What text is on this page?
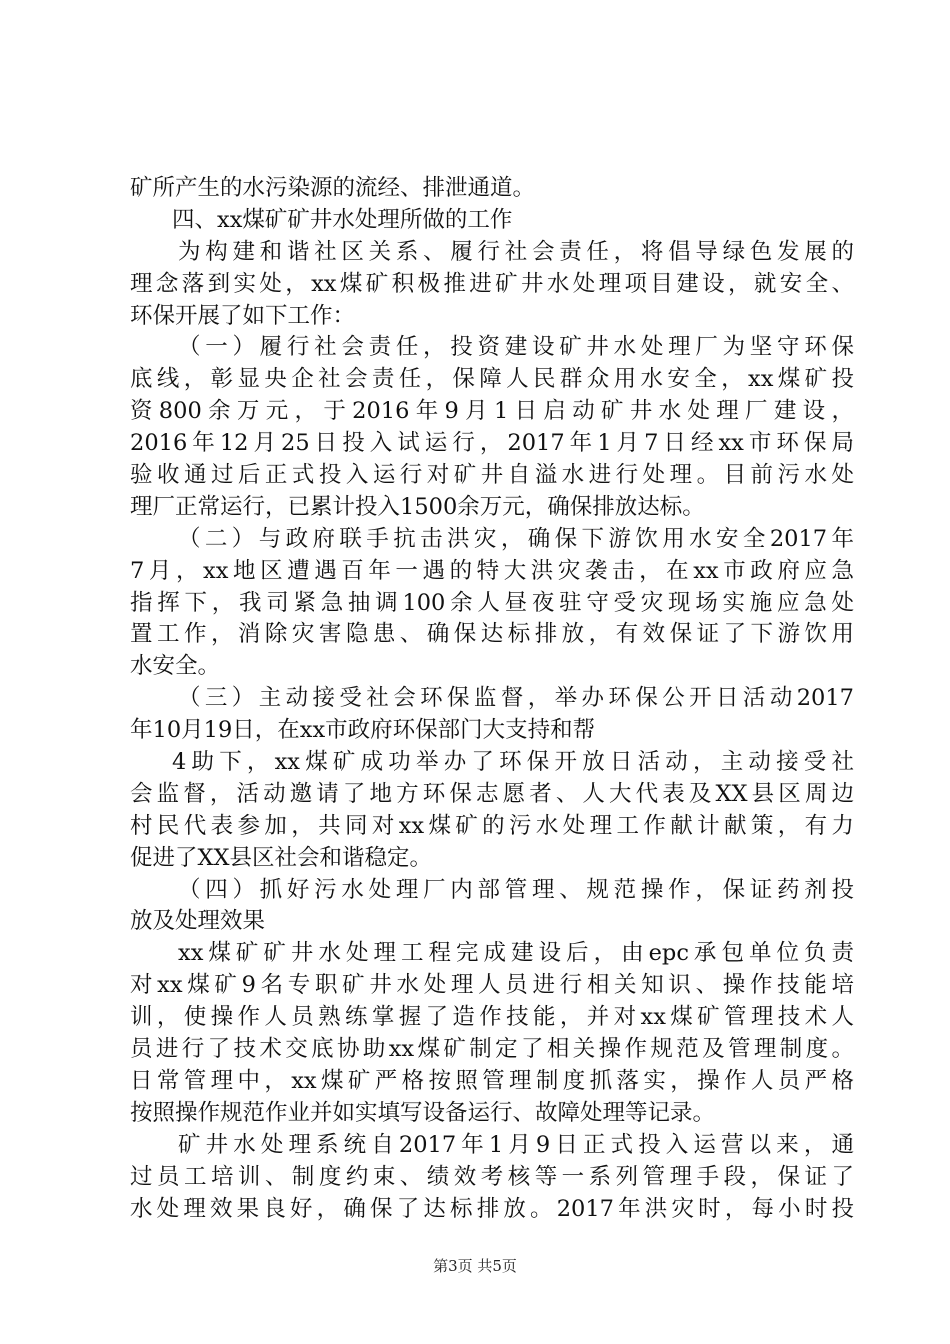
矿所产生的水污染源的流经、排泄通道。
四、xx煤矿矿井水处理所做的工作
为构建和谐社区关系、履行社会责任，将倡导绿色发展的
理念落到实处，xx煤矿积极推进矿井水处理项目建设，就安全、
环保开展了如下工作：
（一）履行社会责任，投资建设矿井水处理厂为坚守环保
底线，彰显央企社会责任，保障人民群众用水安全，xx煤矿投
资800余万元，于2016年9月1日启动矿井水处理厂建设，
2016年12月25日投入试运行，2017年1月7日经xx市环保局
验收通过后正式投入运行对矿井自溢水进行处理。目前污水处
理厂正常运行，已累计投入1500余万元，确保排放达标。
（二）与政府联手抗击洪灾，确保下游饮用水安全2017年
7月，xx地区遭遇百年一遇的特大洪灾袭击，在xx市政府应急
指挥下，我司紧急抽调100余人昼夜驻守受灾现场实施应急处
置工作，消除灾害隐患、确保达标排放，有效保证了下游饮用
水安全。
（三）主动接受社会环保监督，举办环保公开日活动2017
年10月19日，在xx市政府环保部门大支持和帮
4助下，xx煤矿成功举办了环保开放日活动，主动接受社
会监督，活动邀请了地方环保志愿者、人大代表及XX县区周边
村民代表参加，共同对xx煤矿的污水处理工作献计献策，有力
促进了XX县区社会和谐稳定。
（四）抓好污水处理厂内部管理、规范操作，保证药剂投
放及处理效果
xx煤矿矿井水处理工程完成建设后，由epc承包单位负责
对xx煤矿9名专职矿井水处理人员进行相关知识、操作技能培
训，使操作人员熟练掌握了造作技能，并对xx煤矿管理技术人
员进行了技术交底协助xx煤矿制定了相关操作规范及管理制度。
日常管理中，xx煤矿严格按照管理制度抓落实，操作人员严格
按照操作规范作业并如实填写设备运行、故障处理等记录。
矿井水处理系统自2017年1月9日正式投入运营以来，通
过员工培训、制度约束、绩效考核等一系列管理手段，保证了
水处理效果良好，确保了达标排放。2017年洪灾时，每小时投
第3页 共5页
